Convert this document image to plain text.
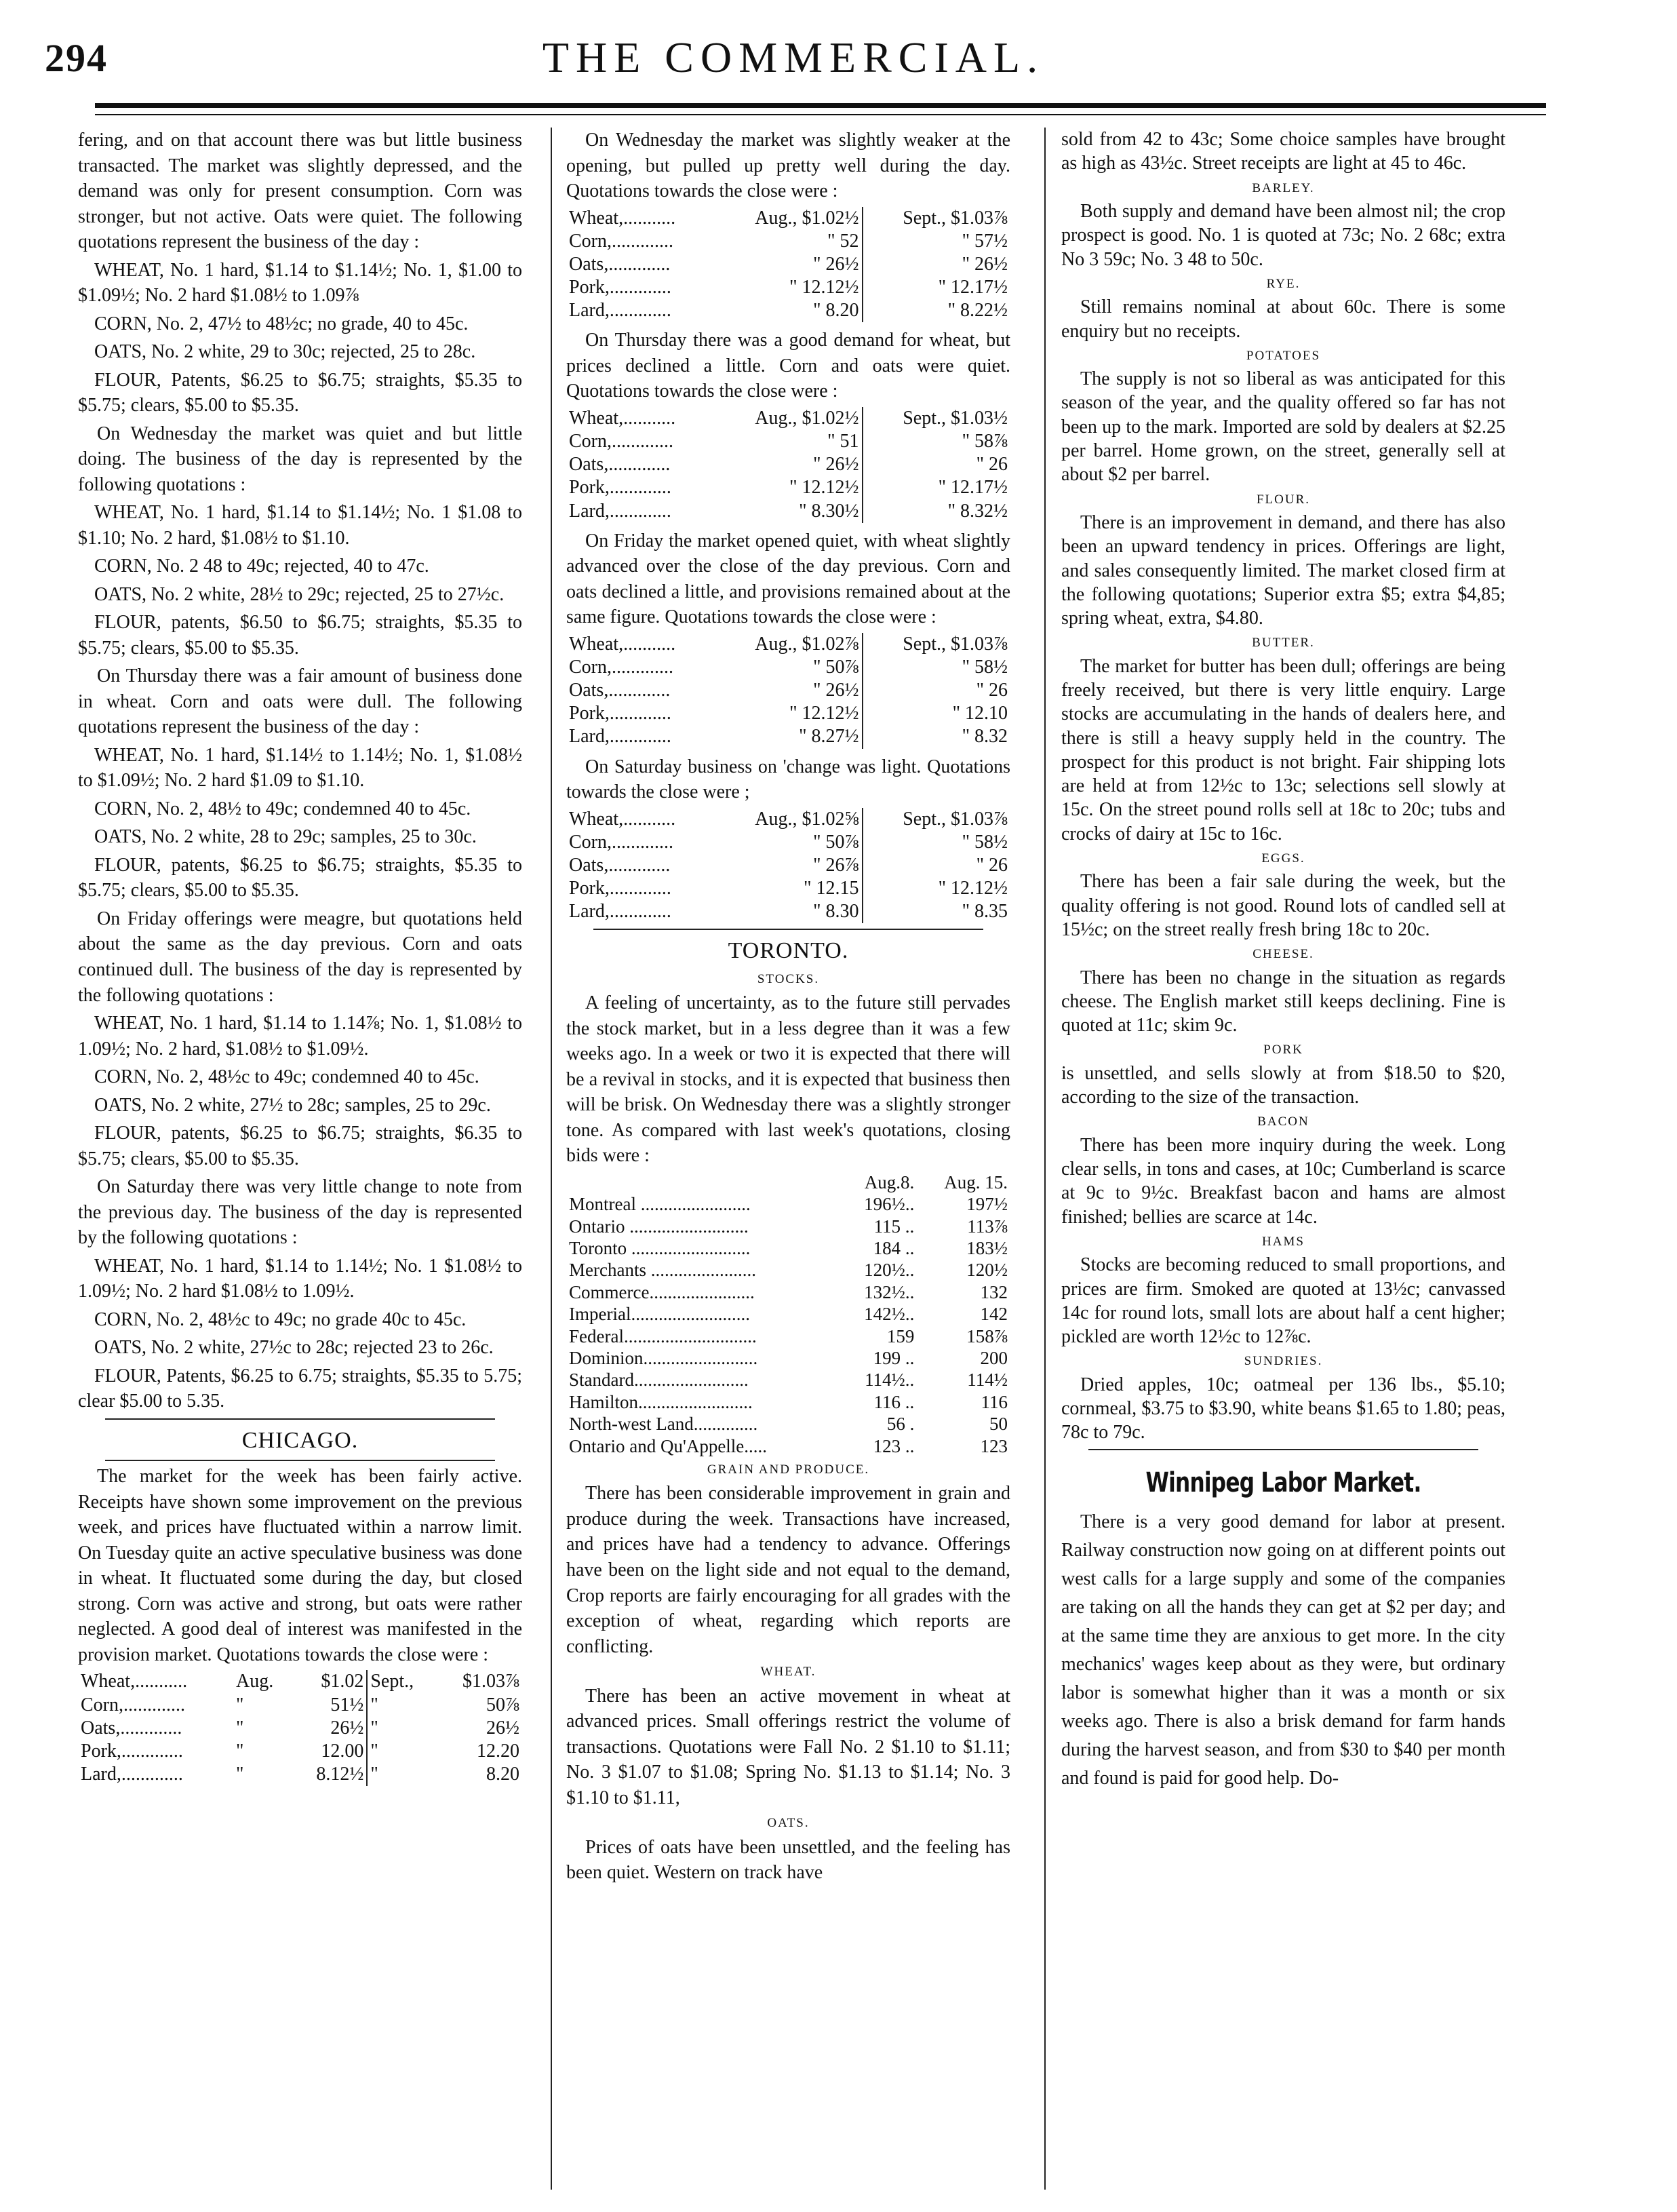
294	THE COMMERCIAL.

fering, and on that account there was but little business transacted. The market was slightly depressed, and the demand was only for present consumption. Corn was stronger, but not active. Oats were quiet. The following quotations represent the business of the day :

WHEAT, No. 1 hard, $1.14 to $1.14½; No. 1, $1.00 to $1.09½; No. 2 hard $1.08½ to 1.09⅞

CORN, No. 2, 47½ to 48½c; no grade, 40 to 45c.

OATS, No. 2 white, 29 to 30c; rejected, 25 to 28c.

FLOUR, Patents, $6.25 to $6.75; straights, $5.35 to $5.75; clears, $5.00 to $5.35.

On Wednesday the market was quiet and but little doing. The business of the day is represented by the following quotations :

WHEAT, No. 1 hard, $1.14 to $1.14½; No. 1 $1.08 to $1.10; No. 2 hard, $1.08½ to $1.10.

CORN, No. 2 48 to 49c; rejected, 40 to 47c.

OATS, No. 2 white, 28½ to 29c; rejected, 25 to 27½c.

FLOUR, patents, $6.50 to $6.75; straights, $5.35 to $5.75; clears, $5.00 to $5.35.

On Thursday there was a fair amount of business done in wheat. Corn and oats were dull. The following quotations represent the business of the day :

WHEAT, No. 1 hard, $1.14½ to 1.14½; No. 1, $1.08½ to $1.09½; No. 2 hard $1.09 to $1.10.

CORN, No. 2, 48½ to 49c; condemned 40 to 45c.

OATS, No. 2 white, 28 to 29c; samples, 25 to 30c.

FLOUR, patents, $6.25 to $6.75; straights, $5.35 to $5.75; clears, $5.00 to $5.35.

On Friday offerings were meagre, but quotations held about the same as the day previous. Corn and oats continued dull. The business of the day is represented by the following quotations :

WHEAT, No. 1 hard, $1.14 to 1.14⅞; No. 1, $1.08½ to 1.09½; No. 2 hard, $1.08½ to $1.09½.

CORN, No. 2, 48½c to 49c; condemned 40 to 45c.

OATS, No. 2 white, 27½ to 28c; samples, 25 to 29c.

FLOUR, patents, $6.25 to $6.75; straights, $6.35 to $5.75; clears, $5.00 to $5.35.

On Saturday there was very little change to note from the previous day. The business of the day is represented by the following quotations :

WHEAT, No. 1 hard, $1.14 to 1.14½; No. 1 $1.08½ to 1.09½; No. 2 hard $1.08½ to 1.09½.

CORN, No. 2, 48½c to 49c; no grade 40c to 45c.

OATS, No. 2 white, 27½c to 28c; rejected 23 to 26c.

FLOUR, Patents, $6.25 to 6.75; straights, $5.35 to 5.75; clear $5.00 to 5.35.

CHICAGO.

The market for the week has been fairly active. Receipts have shown some improvement on the previous week, and prices have fluctuated within a narrow limit. On Tuesday quite an active speculative business was done in wheat. It fluctuated some during the day, but closed strong. Corn was active and strong, but oats were rather neglected. A good deal of interest was manifested in the provision market. Quotations towards the close were :

Wheat,...........	Aug.	$1.02	Sept.,	$1.03⅞
Corn,.............	"	51½	"	50⅞
Oats,.............	"	26½	"	26½
Pork,.............	"	12.00	"	12.20
Lard,.............	"	8.12½	"	8.20

On Wednesday the market was slightly weaker at the opening, but pulled up pretty well during the day. Quotations towards the close were :

Wheat,...........	Aug., $1.02½	Sept., $1.03⅞
Corn,.............	" 52	" 57½
Oats,.............	" 26½	" 26½
Pork,.............	" 12.12½	" 12.17½
Lard,.............	" 8.20	" 8.22½

On Thursday there was a good demand for wheat, but prices declined a little. Corn and oats were quiet. Quotations towards the close were :

Wheat,...........	Aug., $1.02½	Sept., $1.03½
Corn,.............	" 51	" 58⅞
Oats,.............	" 26½	" 26
Pork,.............	" 12.12½	" 12.17½
Lard,.............	" 8.30½	" 8.32½

On Friday the market opened quiet, with wheat slightly advanced over the close of the day previous. Corn and oats declined a little, and provisions remained about at the same figure. Quotations towards the close were :

Wheat,...........	Aug., $1.02⅞	Sept., $1.03⅞
Corn,.............	" 50⅞	" 58½
Oats,.............	" 26½	" 26
Pork,.............	" 12.12½	" 12.10
Lard,.............	" 8.27½	" 8.32

On Saturday business on 'change was light. Quotations towards the close were ;

Wheat,...........	Aug., $1.02⅝	Sept., $1.03⅞
Corn,.............	" 50⅞	" 58½
Oats,.............	" 26⅞	" 26
Pork,.............	" 12.15	" 12.12½
Lard,.............	" 8.30	" 8.35
TORONTO.
STOCKS.

A feeling of uncertainty, as to the future still pervades the stock market, but in a less degree than it was a few weeks ago. In a week or two it is expected that there will be a revival in stocks, and it is expected that business then will be brisk. On Wednesday there was a slightly stronger tone. As compared with last week's quotations, closing bids were :

	Aug.8.	Aug. 15.
Montreal ........................	196½..	197½
Ontario ..........................	115 ..	113⅞
Toronto ..........................	184 ..	183½
Merchants .......................	120½..	120½
Commerce.......................	132½..	132
Imperial..........................	142½..	142
Federal.............................	159	158⅞
Dominion.........................	199 ..	200
Standard.........................	114½..	114½
Hamilton.........................	116 ..	116
North-west Land..............	56 .	50
Ontario and Qu'Appelle.....	123 ..	123
GRAIN AND PRODUCE.

There has been considerable improvement in grain and produce during the week. Transactions have increased, and prices have had a tendency to advance. Offerings have been on the light side and not equal to the demand, Crop reports are fairly encouraging for all grades with the exception of wheat, regarding which reports are conflicting.

WHEAT.

There has been an active movement in wheat at advanced prices. Small offerings restrict the volume of transactions. Quotations were Fall No. 2 $1.10 to $1.11; No. 3 $1.07 to $1.08; Spring No. $1.13 to $1.14; No. 3 $1.10 to $1.11,

OATS.

Prices of oats have been unsettled, and the feeling has been quiet. Western on track have

sold from 42 to 43c; Some choice samples have brought as high as 43½c. Street receipts are light at 45 to 46c.

BARLEY.

Both supply and demand have been almost nil; the crop prospect is good. No. 1 is quoted at 73c; No. 2 68c; extra No 3 59c; No. 3 48 to 50c.

RYE.

Still remains nominal at about 60c. There is some enquiry but no receipts.

POTATOES

The supply is not so liberal as was anticipated for this season of the year, and the quality offered so far has not been up to the mark. Imported are sold by dealers at $2.25 per barrel. Home grown, on the street, generally sell at about $2 per barrel.

FLOUR.

There is an improvement in demand, and there has also been an upward tendency in prices. Offerings are light, and sales consequently limited. The market closed firm at the following quotations; Superior extra $5; extra $4,85; spring wheat, extra, $4.80.

BUTTER.

The market for butter has been dull; offerings are being freely received, but there is very little enquiry. Large stocks are accumulating in the hands of dealers here, and there is still a heavy supply held in the country. The prospect for this product is not bright. Fair shipping lots are held at from 12½c to 13c; selections sell slowly at 15c. On the street pound rolls sell at 18c to 20c; tubs and crocks of dairy at 15c to 16c.

EGGS.

There has been a fair sale during the week, but the quality offering is not good. Round lots of candled sell at 15½c; on the street really fresh bring 18c to 20c.

CHEESE.

There has been no change in the situation as regards cheese. The English market still keeps declining. Fine is quoted at 11c; skim 9c.

PORK

is unsettled, and sells slowly at from $18.50 to $20, according to the size of the transaction.

BACON

There has been more inquiry during the week. Long clear sells, in tons and cases, at 10c; Cumberland is scarce at 9c to 9½c. Breakfast bacon and hams are almost finished; bellies are scarce at 14c.

HAMS

Stocks are becoming reduced to small proportions, and prices are firm. Smoked are quoted at 13½c; canvassed 14c for round lots, small lots are about half a cent higher; pickled are worth 12½c to 12⅞c.

SUNDRIES.

Dried apples, 10c; oatmeal per 136 lbs., $5.10; cornmeal, $3.75 to $3.90, white beans $1.65 to 1.80; peas, 78c to 79c.

Winnipeg Labor Market.

There is a very good demand for labor at present. Railway construction now going on at different points out west calls for a large supply and some of the companies are taking on all the hands they can get at $2 per day; and at the same time they are anxious to get more. In the city mechanics' wages keep about as they were, but ordinary labor is somewhat higher than it was a month or six weeks ago. There is also a brisk demand for farm hands during the harvest season, and from $30 to $40 per month and found is paid for good help. Do-
